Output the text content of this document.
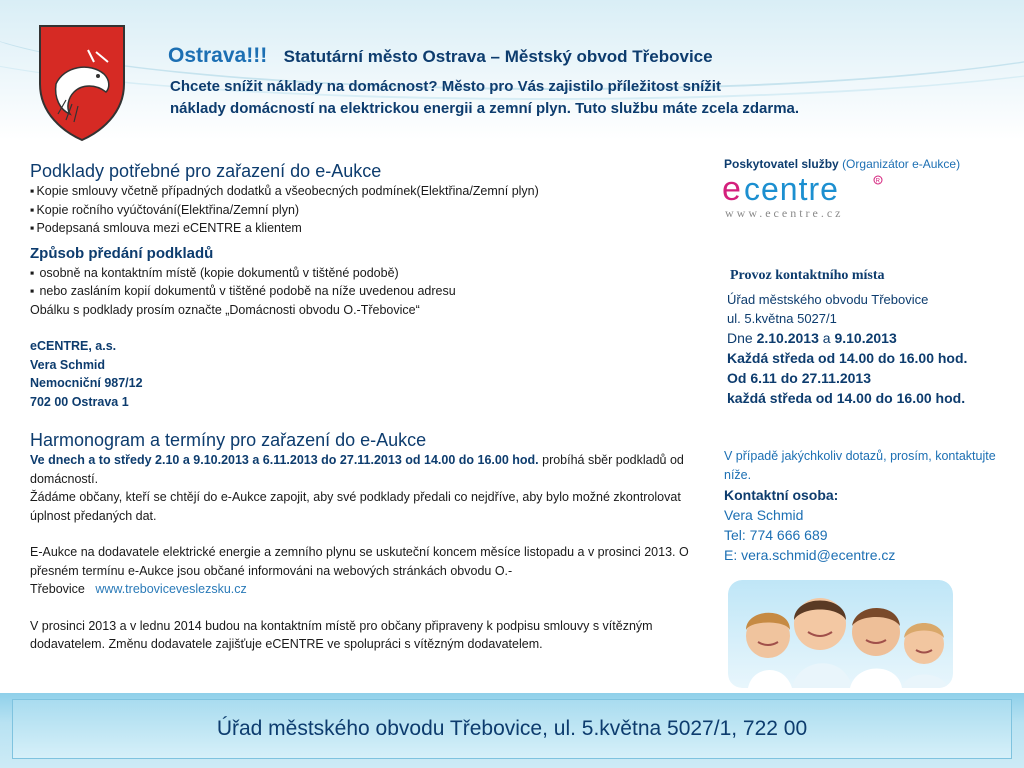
Ostrava!!! Statutární město Ostrava – Městský obvod Třebovice
Chcete snížit náklady na domácnost? Město pro Vás zajistilo příležitost snížit
náklady domácností na elektrickou energii a zemní plyn. Tuto službu máte zcela zdarma.
Podklady potřebné pro zařazení do e-Aukce
▪ Kopie smlouvy včetně případných dodatků a všeobecných podmínek(Elektřina/Zemní plyn)
▪ Kopie ročního vyúčtování(Elektřina/Zemní plyn)
▪ Podepsaná smlouva mezi eCENTRE a klientem
Způsob předání podkladů
▪ osobně na kontaktním místě (kopie dokumentů v tištěné podobě)
▪ nebo zasláním kopií dokumentů v tištěné podobě na níže uvedenou adresu
Obálku s podklady prosím označte „Domácnosti obvodu O.-Třebovice“
eCENTRE, a.s.
Vera Schmid
Nemocniční 987/12
702 00 Ostrava 1
Harmonogram a termíny pro zařazení do e-Aukce
Ve dnech a to středy 2.10 a 9.10.2013 a 6.11.2013 do 27.11.2013 od 14.00 do 16.00 hod. probíhá sběr podkladů od domácností.
Žádáme občany, kteří se chtějí do e-Aukce zapojit, aby své podklady předali co nejdříve, aby bylo možné zkontrolovat úplnost předaných dat.
E-Aukce na dodavatele elektrické energie a zemního plynu se uskuteční koncem měsíce listopadu a v prosinci 2013. O přesném termínu e-Aukce jsou občané informováni na webových stránkách obvodu O.-Třebovice www.treboviceveslezsku.cz
V prosinci 2013 a v lednu 2014 budou na kontaktním místě pro občany připraveny k podpisu smlouvy s vítězným dodavatelem. Změnu dodavatele zajišťuje eCENTRE ve spolupráci s vítězným dodavatelem.
Poskytovatel služby (Organizátor e-Aukce)
e centre	R
www.ecentre.cz
Provoz kontaktního místa
Úřad městského obvodu Třebovice
ul. 5.května 5027/1
Dne 2.10.2013 a 9.10.2013
Každá středa od 14.00 do 16.00 hod.
Od 6.11 do 27.11.2013
každá středa od 14.00 do 16.00 hod.
V případě jakýchkoliv dotazů, prosím, kontaktujte níže.
Kontaktní osoba:
Vera Schmid
Tel: 774 666 689
E: vera.schmid@ecentre.cz
Úřad městského obvodu Třebovice, ul. 5.května 5027/1, 722 00
